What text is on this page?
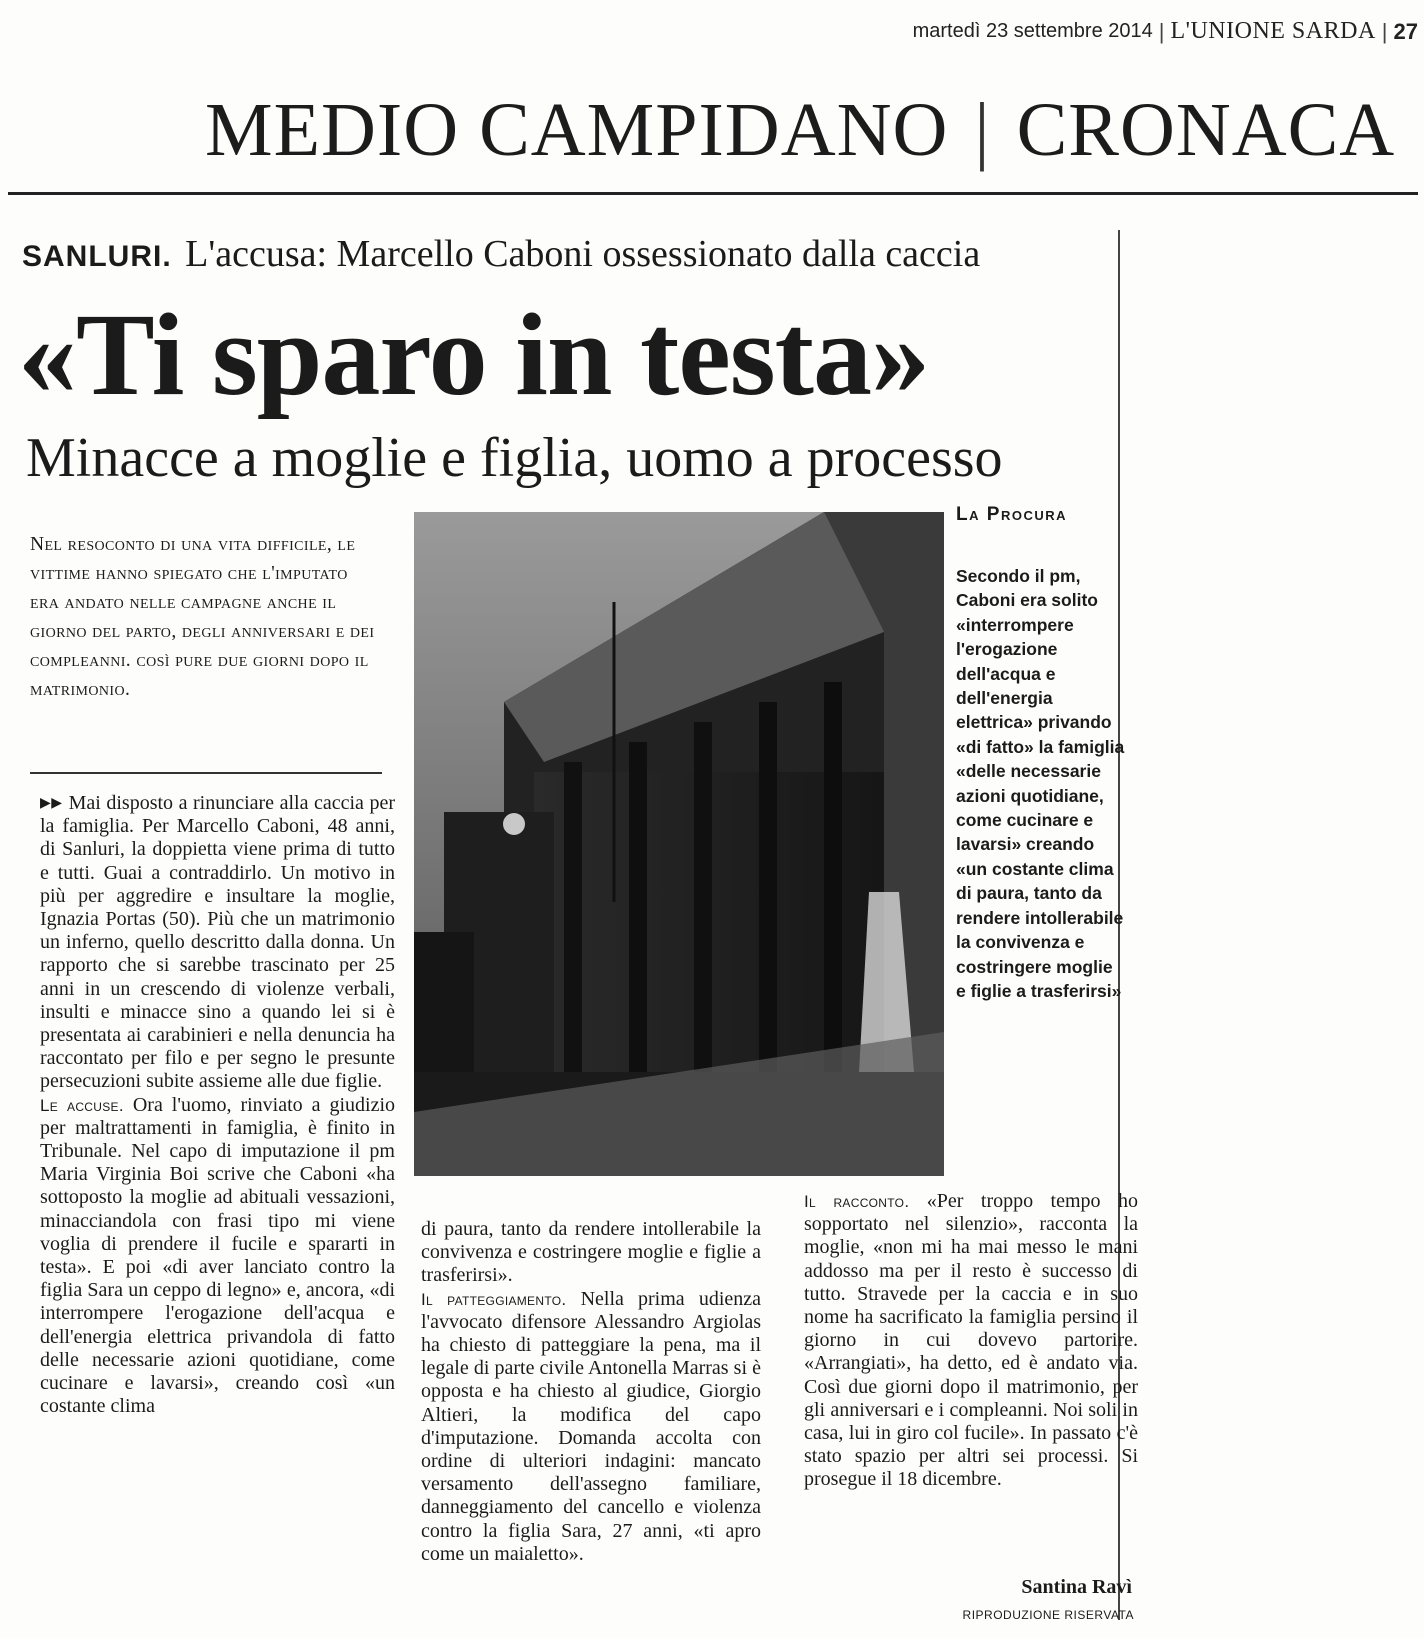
martedì 23 settembre 2014 | L'UNIONE SARDA | 27
MEDIO CAMPIDANO | CRONACA
SANLURI. L'accusa: Marcello Caboni ossessionato dalla caccia
«Ti sparo in testa»
Minacce a moglie e figlia, uomo a processo
Nel resoconto di una vita difficile, le vittime hanno spiegato che l'imputato era andato nelle campagne anche il giorno del parto, degli anniversari e dei compleanni. così pure due giorni dopo il matrimonio.

▶▶ Mai disposto a rinunciare alla caccia per la famiglia. Per Marcello Caboni, 48 anni, di Sanluri, la doppietta viene prima di tutto e tutti. Guai a contraddirlo. Un motivo in più per aggredire e insultare la moglie, Ignazia Portas (50). Più che un matrimonio un inferno, quello descritto dalla donna. Un rapporto che si sarebbe trascinato per 25 anni in un crescendo di violenze verbali, insulti e minacce sino a quando lei si è presentata ai carabinieri e nella denuncia ha raccontato per filo e per segno le presunte persecuzioni subite assieme alle due figlie.

Le accuse. Ora l'uomo, rinviato a giudizio per maltrattamenti in famiglia, è finito in Tribunale. Nel capo di imputazione il pm Maria Virginia Boi scrive che Caboni «ha sottoposto la moglie ad abituali vessazioni, minacciandola con frasi tipo mi viene voglia di prendere il fucile e spararti in testa». E poi «di aver lanciato contro la figlia Sara un ceppo di legno» e, ancora, «di interrompere l'erogazione dell'acqua e dell'energia elettrica privandola di fatto delle necessarie azioni quotidiane, come cucinare e lavarsi», creando così «un costante clima

di paura, tanto da rendere intollerabile la convivenza e costringere moglie e figlie a trasferirsi».

Il patteggiamento. Nella prima udienza l'avvocato difensore Alessandro Argiolas ha chiesto di patteggiare la pena, ma il legale di parte civile Antonella Marras si è opposta e ha chiesto al giudice, Giorgio Altieri, la modifica del capo d'imputazione. Domanda accolta con ordine di ulteriori indagini: mancato versamento dell'assegno familiare, danneggiamento del cancello e violenza contro la figlia Sara, 27 anni, «ti apro come un maialetto».

Il racconto. «Per troppo tempo ho sopportato nel silenzio», racconta la moglie, «non mi ha mai messo le mani addosso ma per il resto è successo di tutto. Stravede per la caccia e in suo nome ha sacrificato la famiglia persino il giorno in cui dovevo partorire. «Arrangiati», ha detto, ed è andato via. Così due giorni dopo il matrimonio, per gli anniversari e i compleanni. Noi soli in casa, lui in giro col fucile». In passato c'è stato spazio per altri sei processi. Si prosegue il 18 dicembre.

Santina Ravì
RIPRODUZIONE RISERVATA
La Procura
Secondo il pm, Caboni era solito «interrompere l'erogazione dell'acqua e dell'energia elettrica» privando «di fatto» la famiglia «delle necessarie azioni quotidiane, come cucinare e lavarsi» creando «un costante clima di paura, tanto da rendere intollerabile la convivenza e costringere moglie e figlie a trasferirsi»
